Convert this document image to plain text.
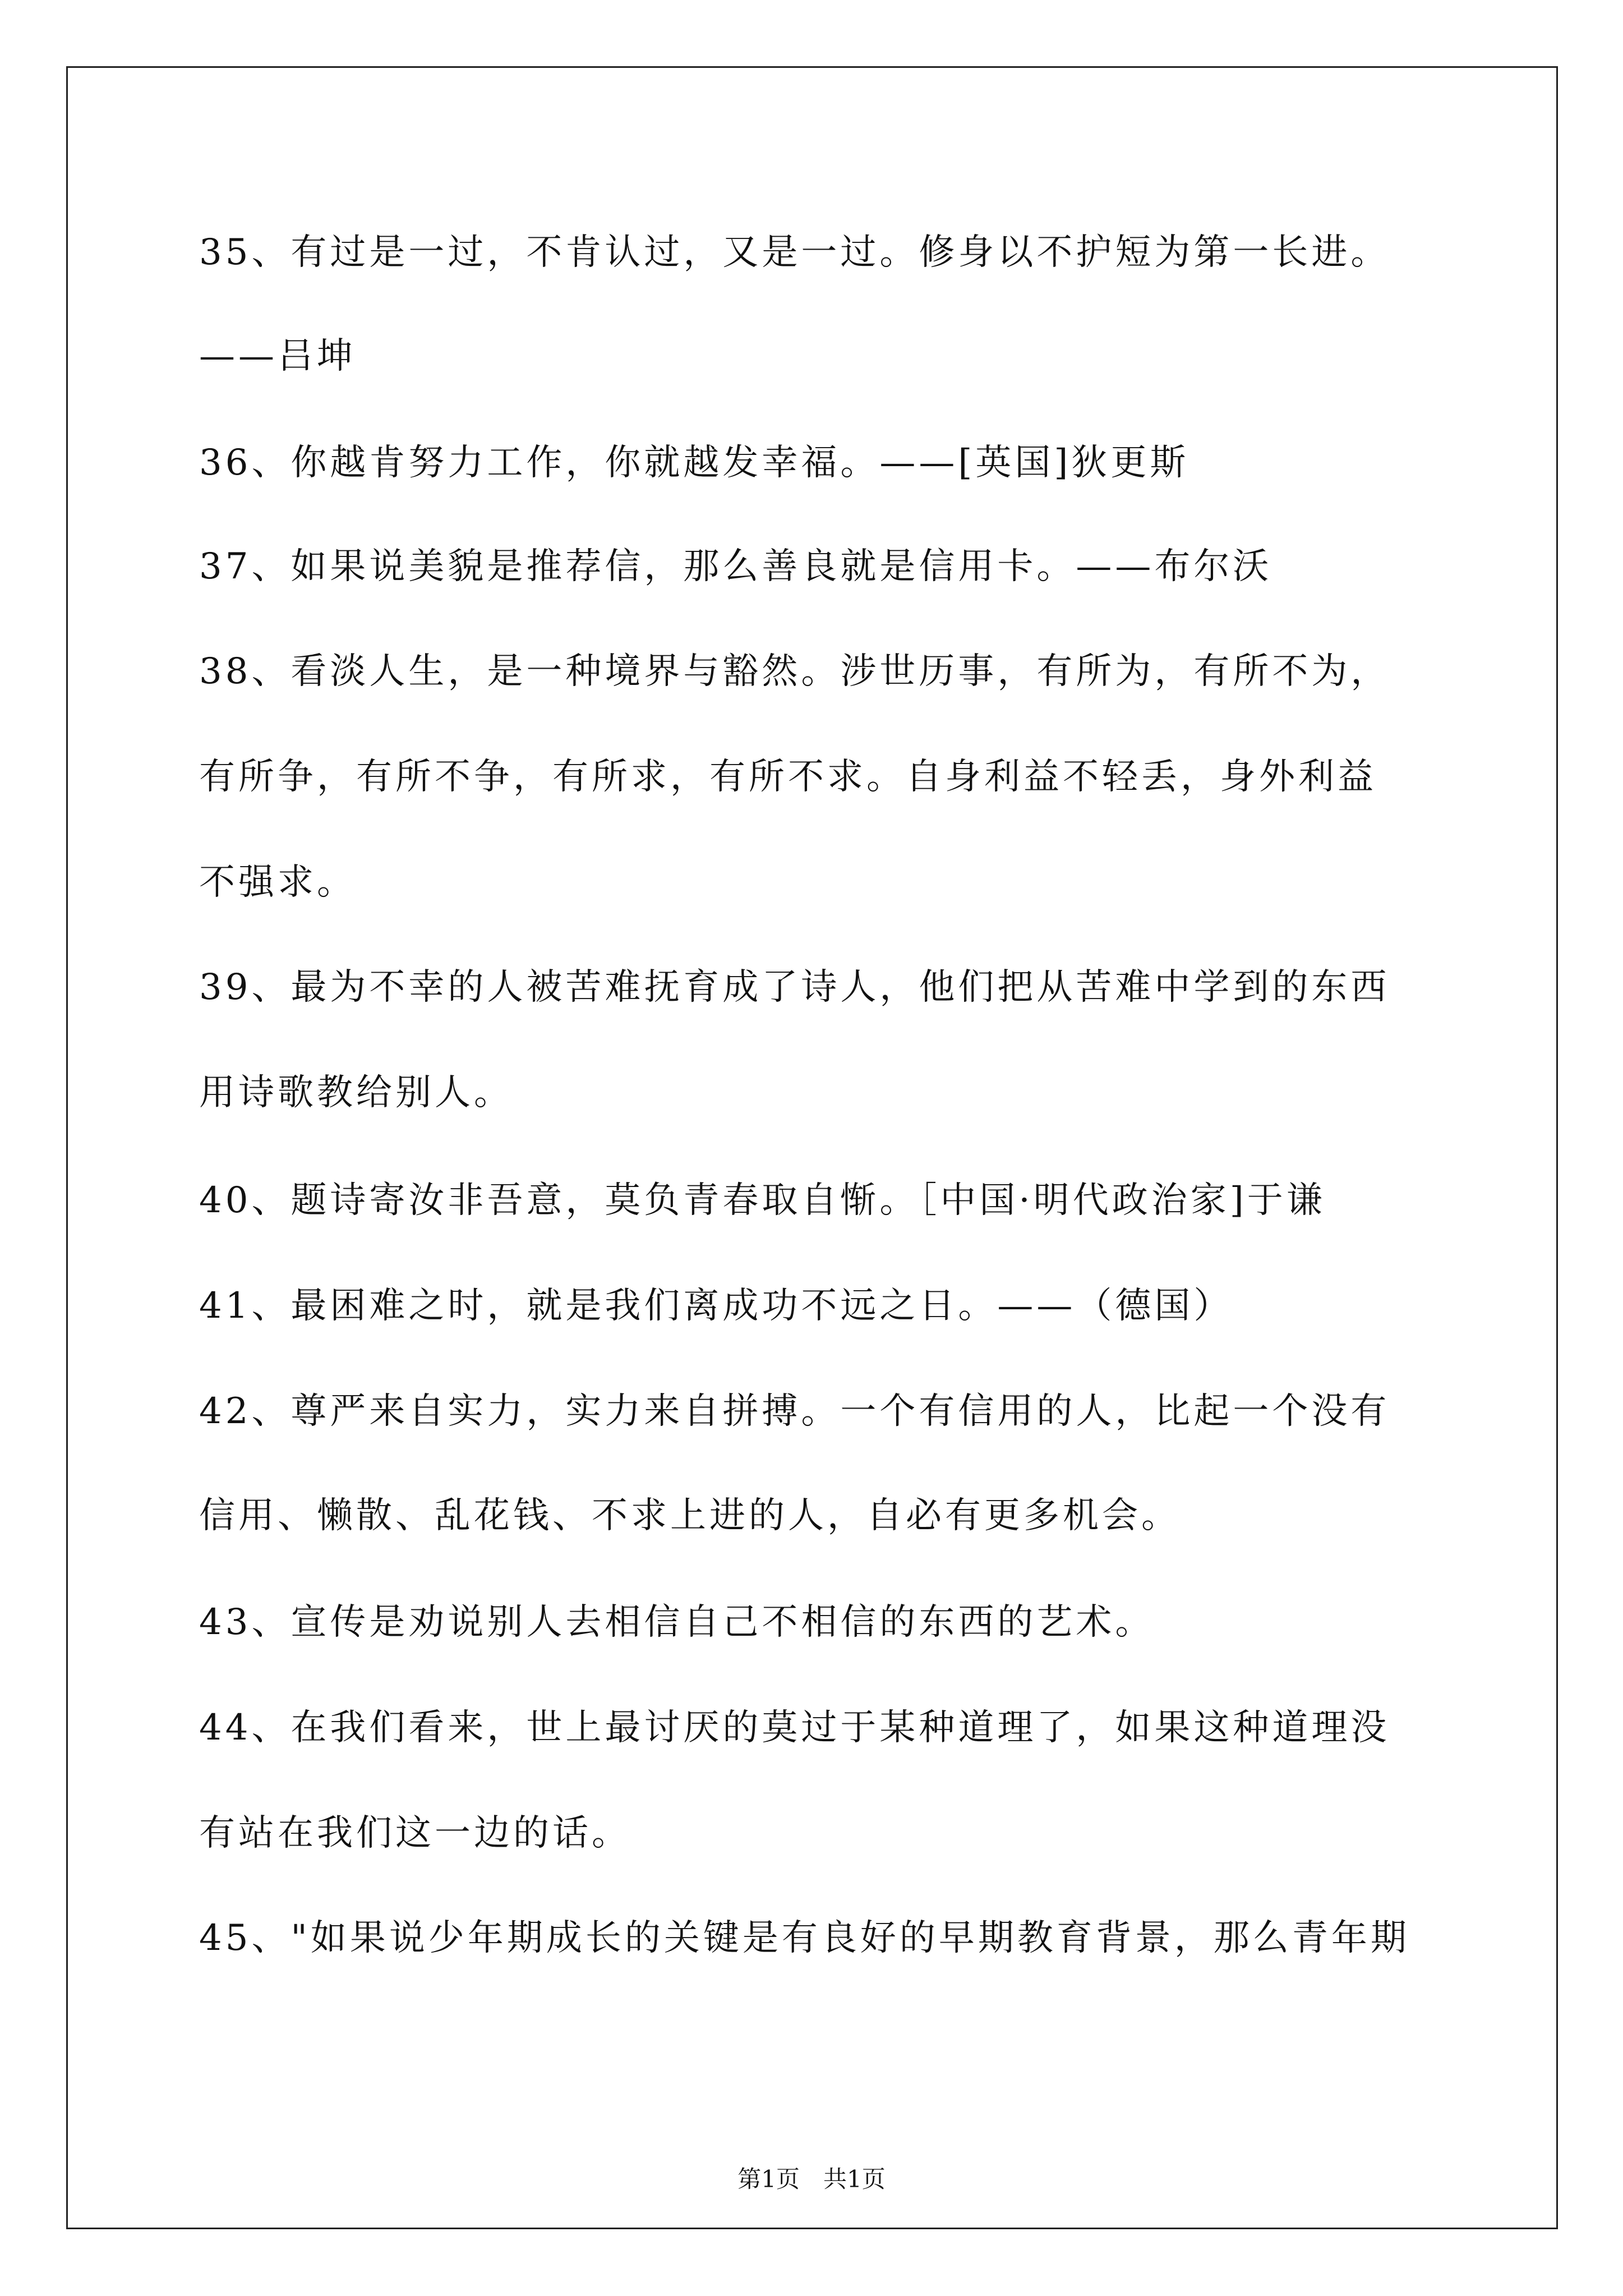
35、有过是一过，不肯认过，又是一过。修身以不护短为第一长进。
——吕坤
36、你越肯努力工作，你就越发幸福。——[英国]狄更斯
37、如果说美貌是推荐信，那么善良就是信用卡。——布尔沃
38、看淡人生，是一种境界与豁然。涉世历事，有所为，有所不为，
有所争，有所不争，有所求，有所不求。自身利益不轻丢，身外利益
不强求。
39、最为不幸的人被苦难抚育成了诗人，他们把从苦难中学到的东西
用诗歌教给别人。
40、题诗寄汝非吾意，莫负青春取自惭。［中国·明代政治家]于谦
41、最困难之时，就是我们离成功不远之日。——（德国）
42、尊严来自实力，实力来自拼搏。一个有信用的人，比起一个没有
信用、懒散、乱花钱、不求上进的人，自必有更多机会。
43、宣传是劝说别人去相信自己不相信的东西的艺术。
44、在我们看来，世上最讨厌的莫过于某种道理了，如果这种道理没
有站在我们这一边的话。
45、"如果说少年期成长的关键是有良好的早期教育背景，那么青年期
第1页　共1页
